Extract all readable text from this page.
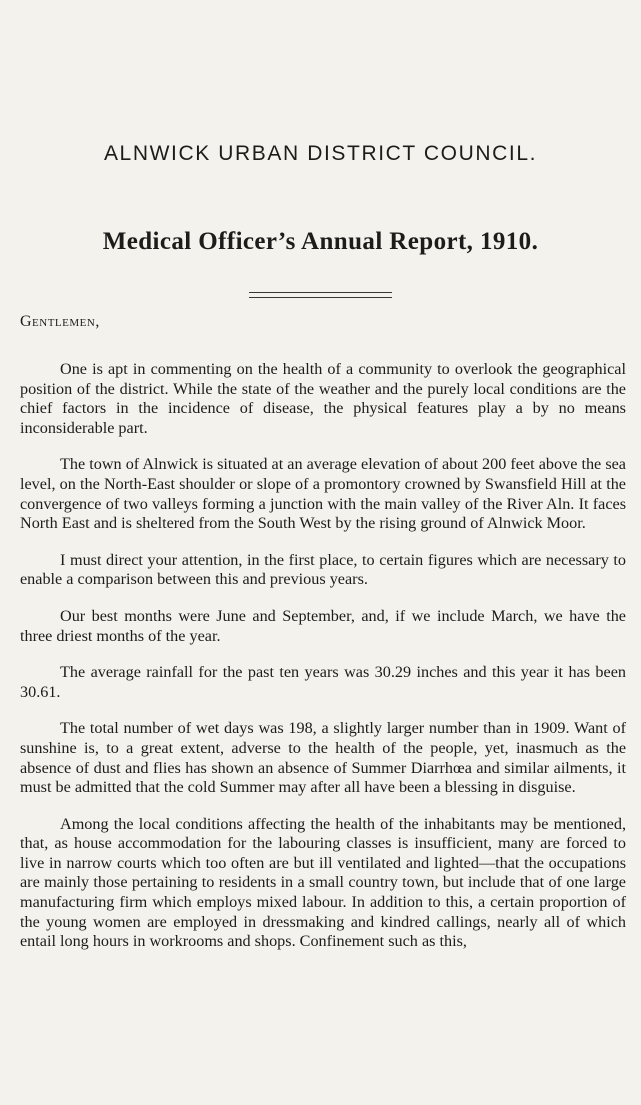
ALNWICK URBAN DISTRICT COUNCIL.
Medical Officer’s Annual Report, 1910.
Gentlemen,

One is apt in commenting on the health of a community to overlook the geographical position of the district. While the state of the weather and the purely local conditions are the chief factors in the incidence of disease, the physical features play a by no means inconsiderable part.

The town of Alnwick is situated at an average elevation of about 200 feet above the sea level, on the North-East shoulder or slope of a promontory crowned by Swansfield Hill at the convergence of two valleys forming a junction with the main valley of the River Aln. It faces North East and is sheltered from the South West by the rising ground of Alnwick Moor.

I must direct your attention, in the first place, to certain figures which are necessary to enable a comparison between this and previous years.

Our best months were June and September, and, if we include March, we have the three driest months of the year.

The average rainfall for the past ten years was 30.29 inches and this year it has been 30.61.

The total number of wet days was 198, a slightly larger number than in 1909. Want of sunshine is, to a great extent, adverse to the health of the people, yet, inasmuch as the absence of dust and flies has shown an absence of Summer Diarrhœa and similar ailments, it must be admitted that the cold Summer may after all have been a blessing in disguise.

Among the local conditions affecting the health of the inhabitants may be mentioned, that, as house accommodation for the labouring classes is insufficient, many are forced to live in narrow courts which too often are but ill ventilated and lighted—that the occupations are mainly those pertaining to residents in a small country town, but include that of one large manufacturing firm which employs mixed labour. In addition to this, a certain proportion of the young women are employed in dressmaking and kindred callings, nearly all of which entail long hours in workrooms and shops. Confinement such as this,
